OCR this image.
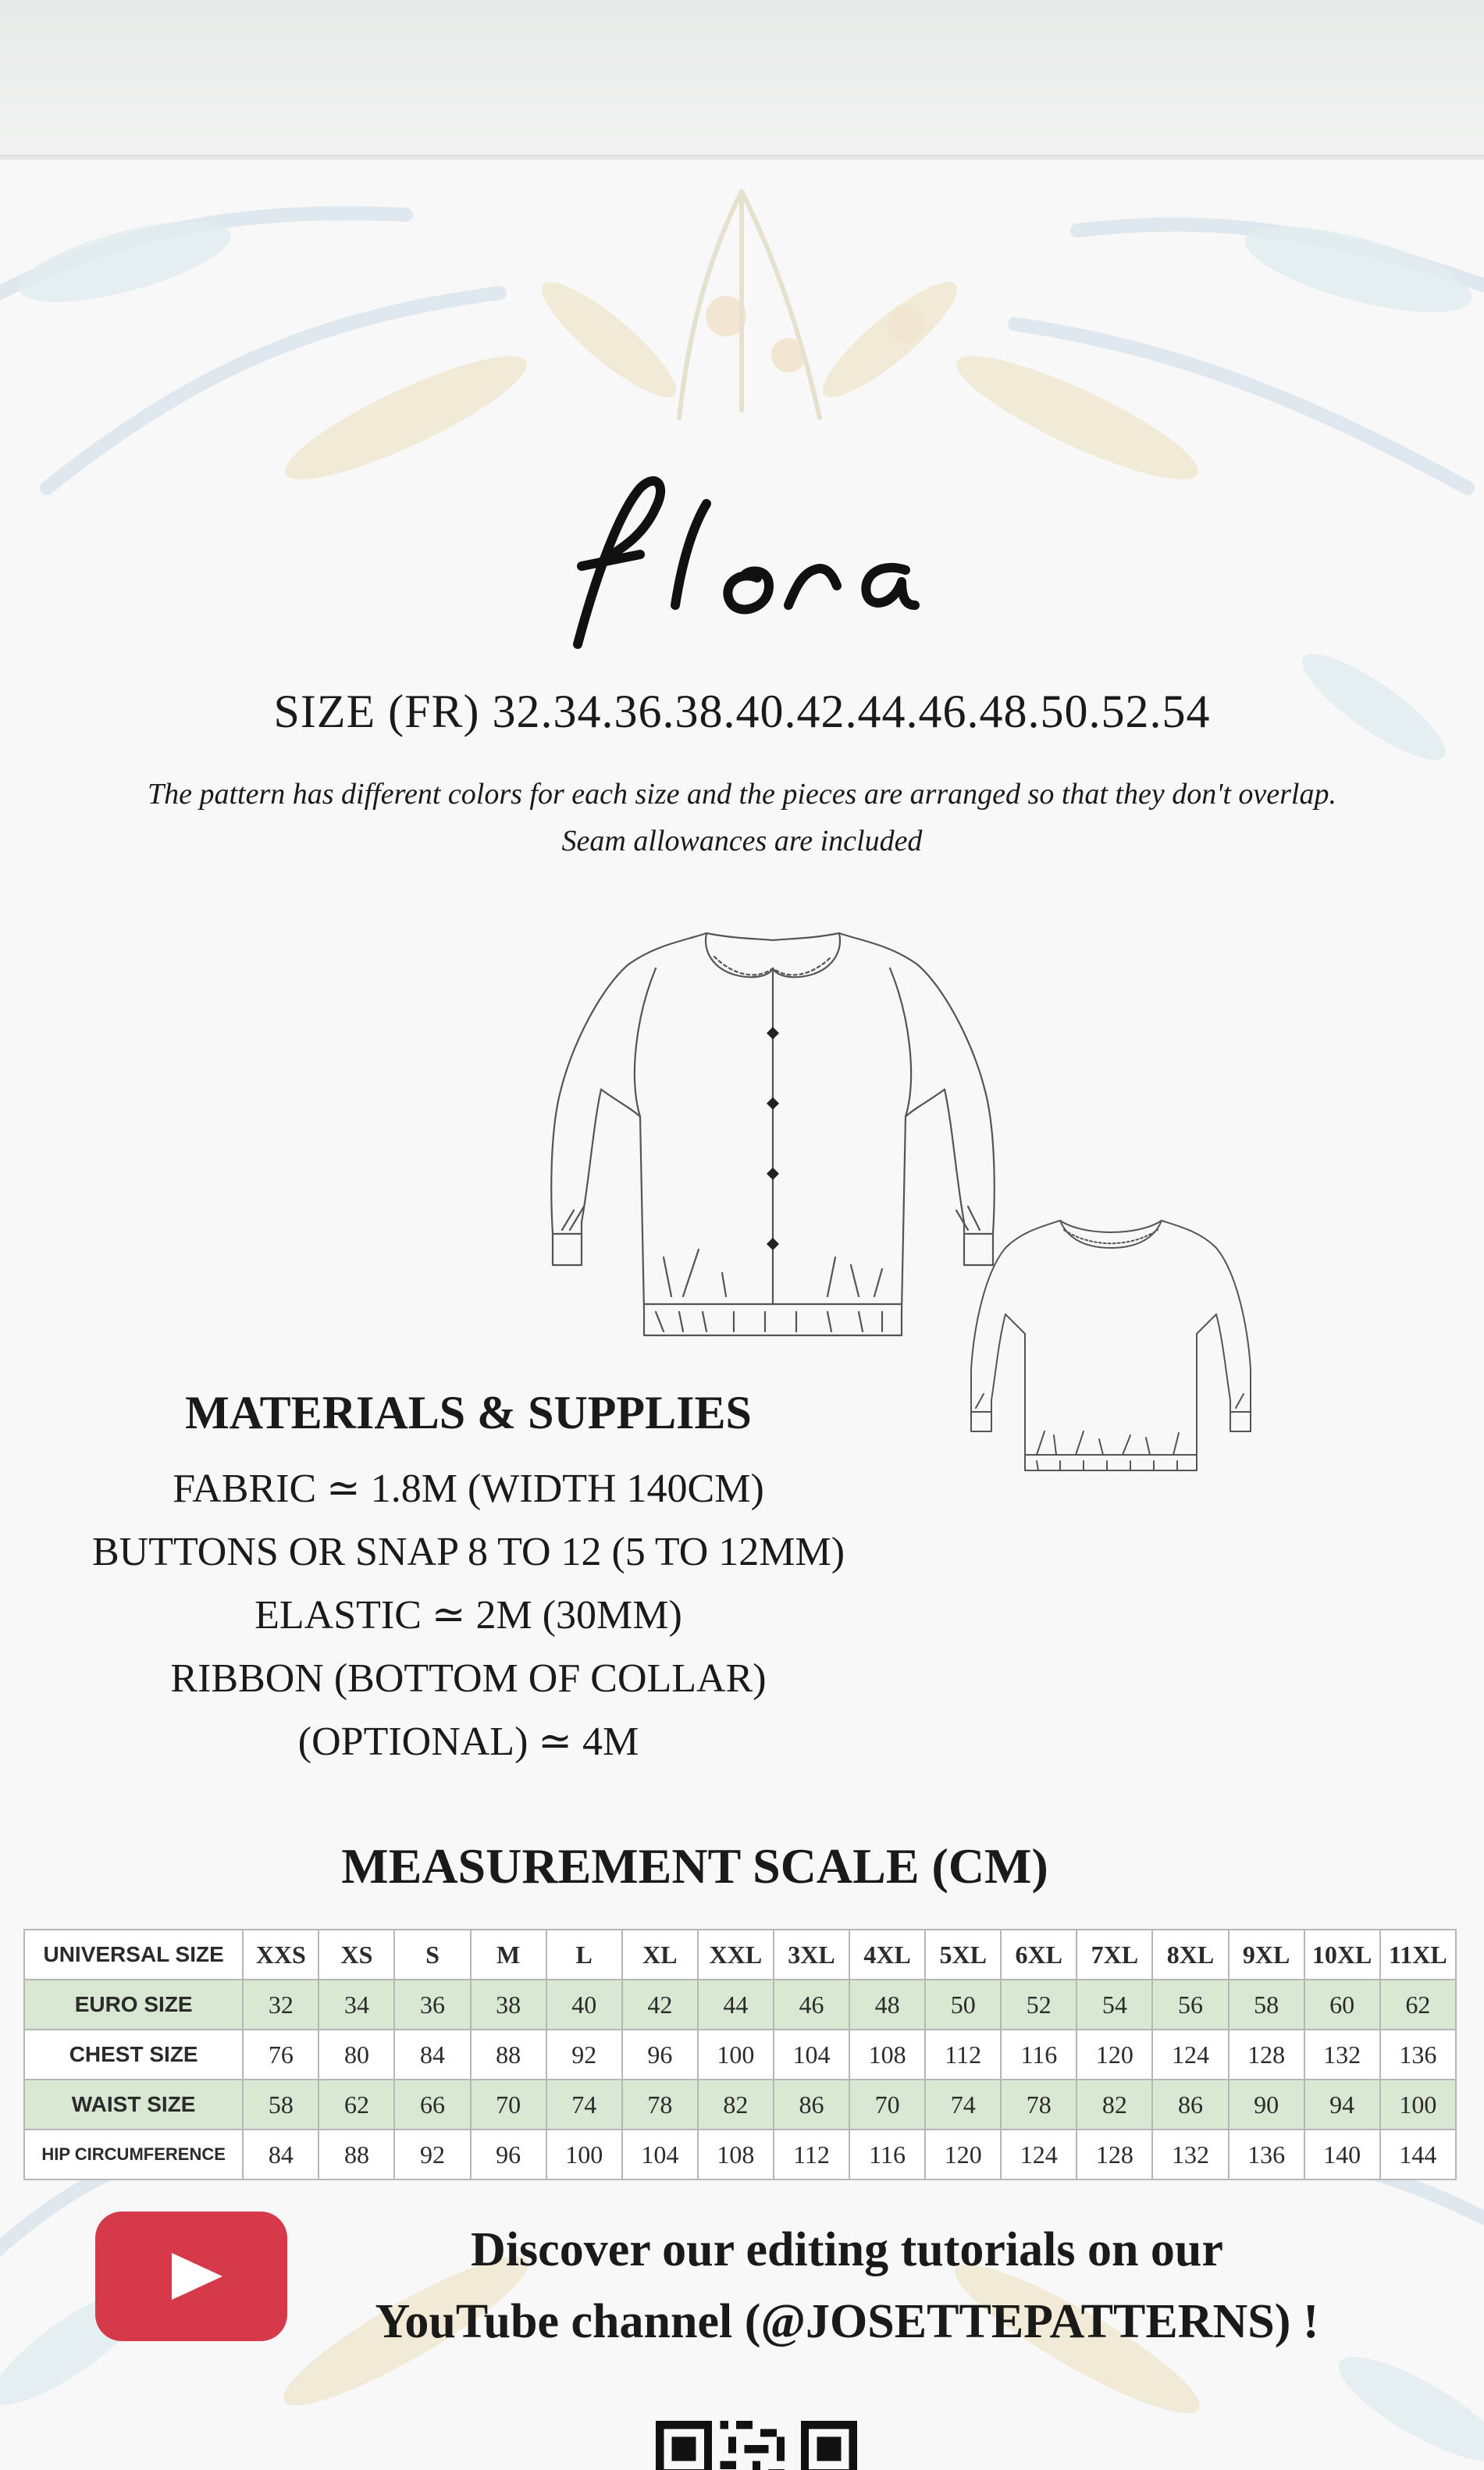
SIZE (FR) 32.34.36.38.40.42.44.46.48.50.52.54
The pattern has different colors for each size and the pieces are arranged so that they don't overlap.
Seam allowances are included
MATERIALS & SUPPLIES
FABRIC ≃ 1.8M (WIDTH 140CM)
BUTTONS OR SNAP 8 TO 12 (5 TO 12MM)
ELASTIC ≃ 2M (30MM)
RIBBON (BOTTOM OF COLLAR)
(OPTIONAL) ≃ 4M
MEASUREMENT SCALE (CM)
UNIVERSAL SIZE	XXS	XS	S	M	L	XL	XXL	3XL	4XL	5XL	6XL	7XL	8XL	9XL	10XL	11XL
EURO SIZE	32	34	36	38	40	42	44	46	48	50	52	54	56	58	60	62
CHEST SIZE	76	80	84	88	92	96	100	104	108	112	116	120	124	128	132	136
WAIST SIZE	58	62	66	70	74	78	82	86	70	74	78	82	86	90	94	100
HIP CIRCUMFERENCE	84	88	92	96	100	104	108	112	116	120	124	128	132	136	140	144
Discover our editing tutorials on our
YouTube channel (@JOSETTEPATTERNS) !
